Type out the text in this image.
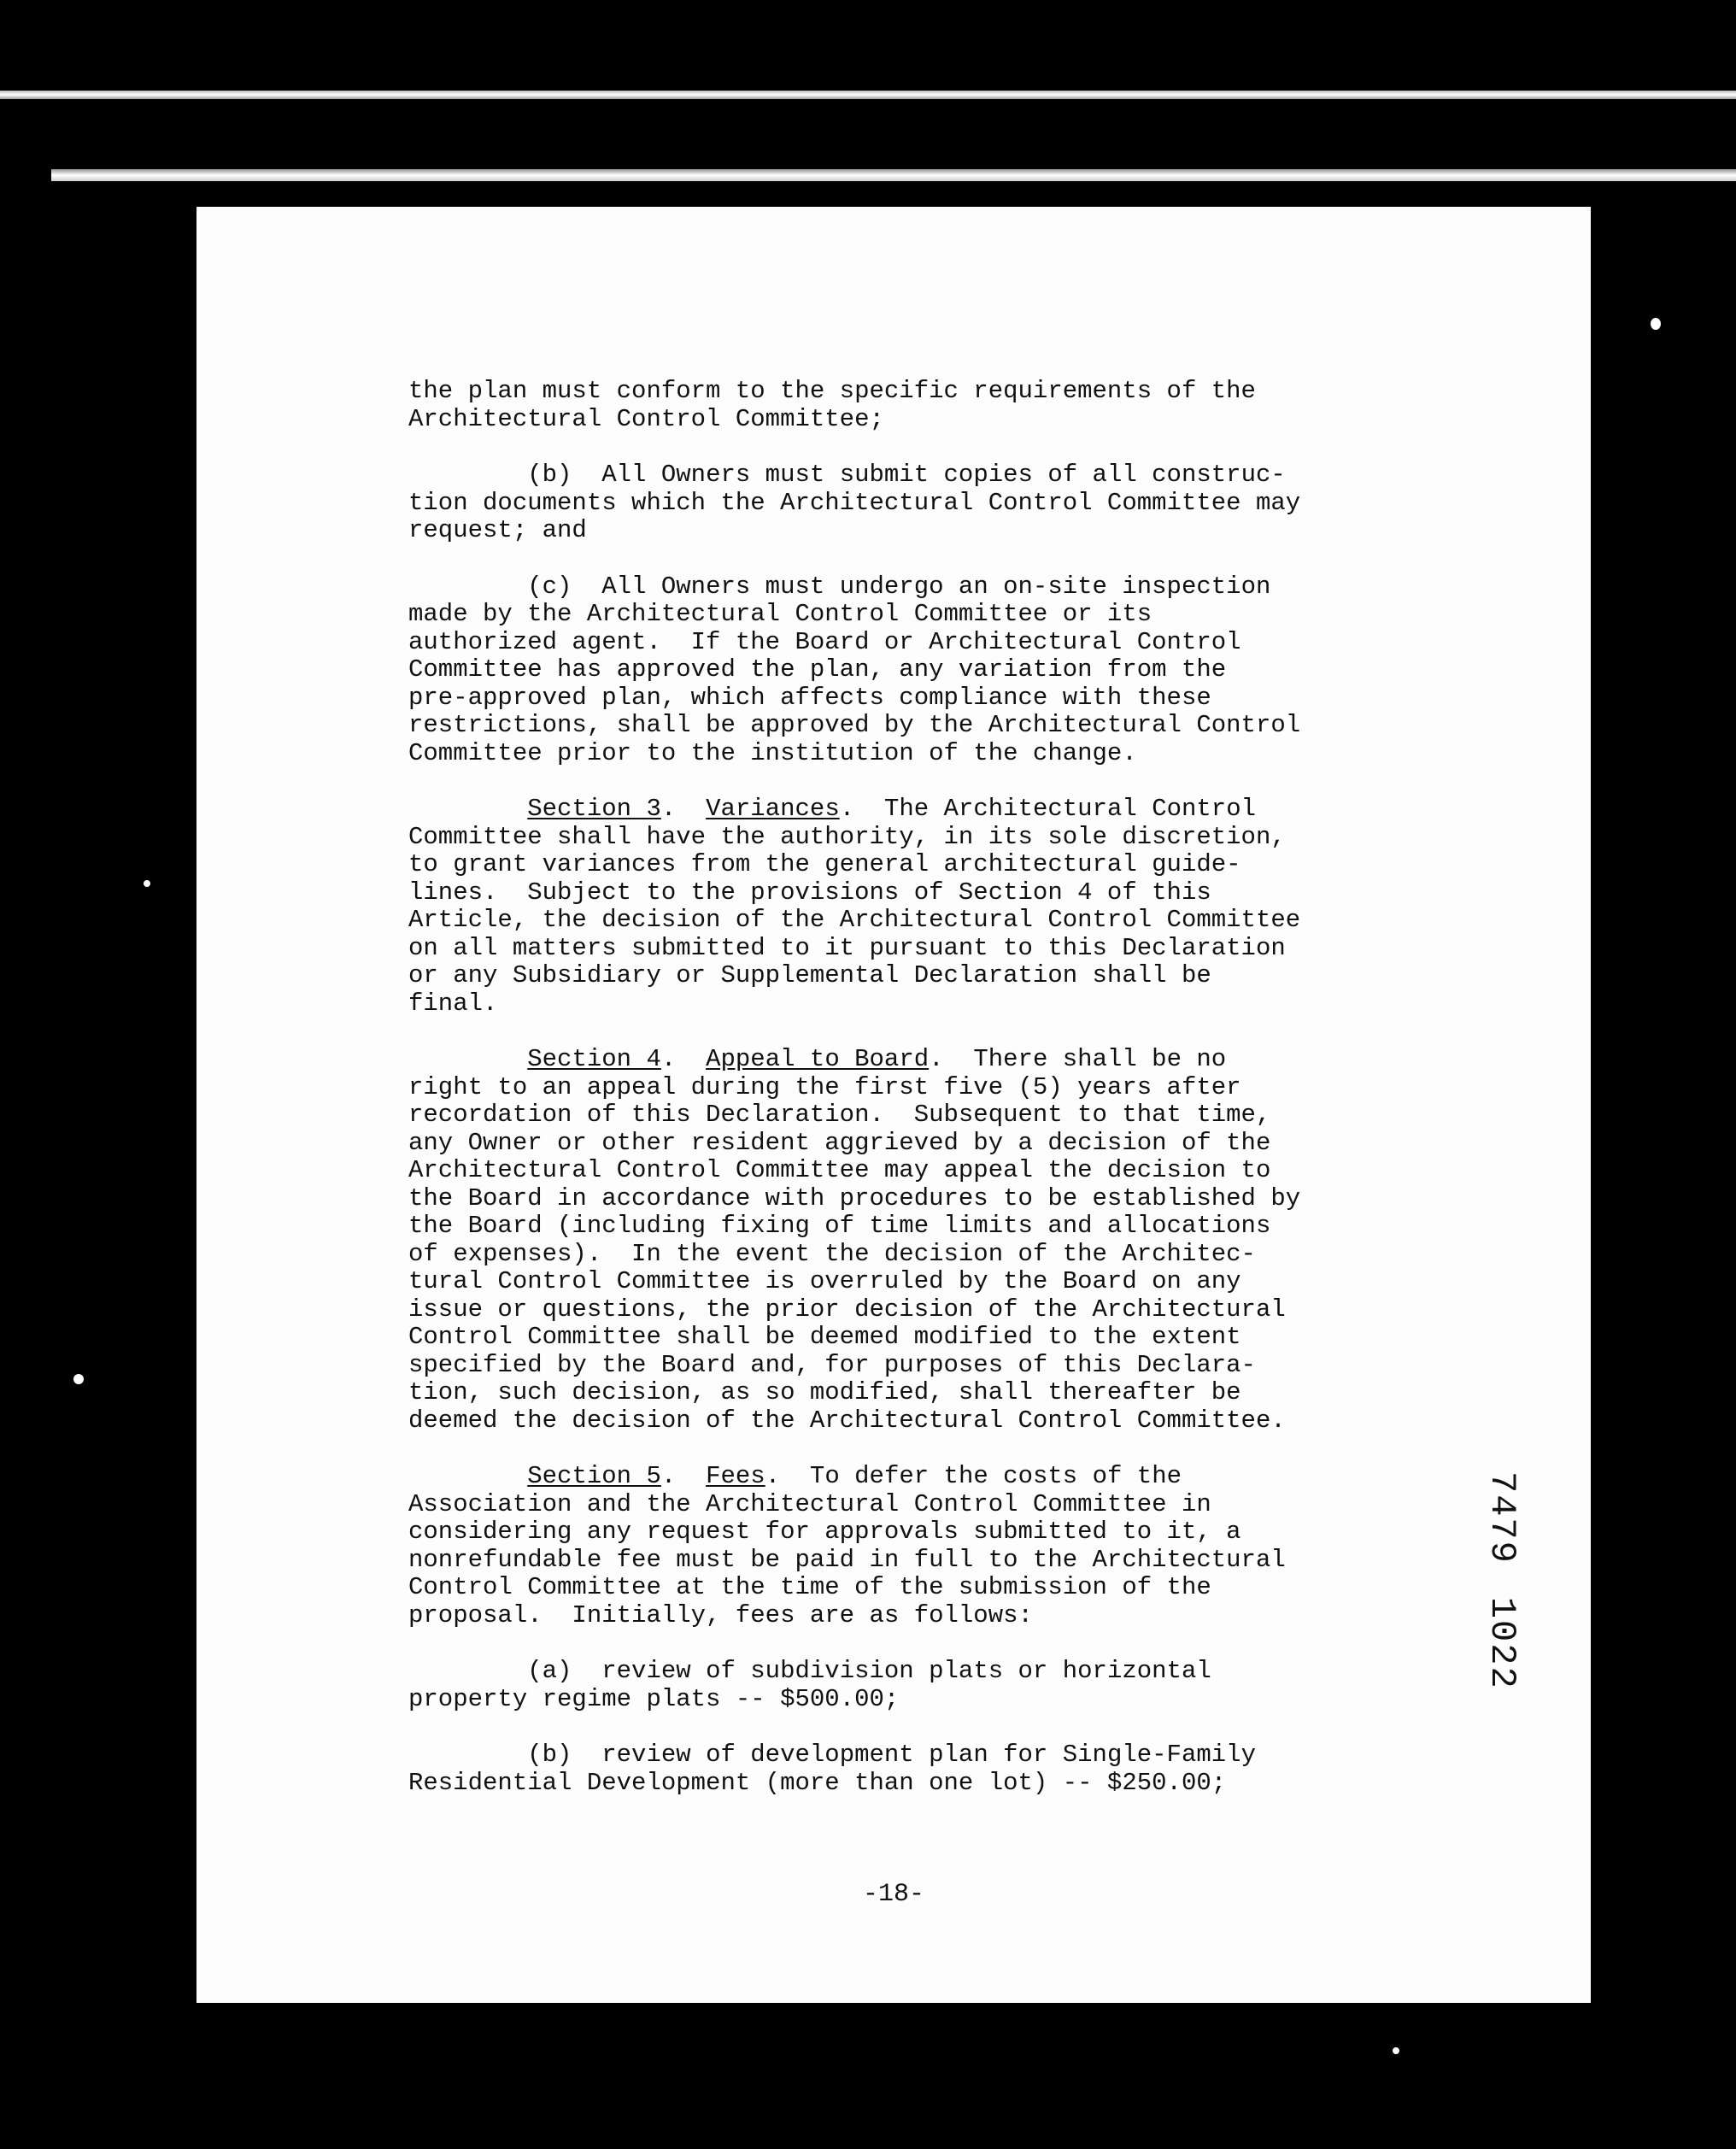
the plan must conform to the specific requirements of the
Architectural Control Committee;

(b)  All Owners must submit copies of all construc-
tion documents which the Architectural Control Committee may
request; and

(c)  All Owners must undergo an on-site inspection
made by the Architectural Control Committee or its
authorized agent.  If the Board or Architectural Control
Committee has approved the plan, any variation from the
pre-approved plan, which affects compliance with these
restrictions, shall be approved by the Architectural Control
Committee prior to the institution of the change.

Section 3.  Variances.  The Architectural Control
Committee shall have the authority, in its sole discretion,
to grant variances from the general architectural guide-
lines.  Subject to the provisions of Section 4 of this
Article, the decision of the Architectural Control Committee
on all matters submitted to it pursuant to this Declaration
or any Subsidiary or Supplemental Declaration shall be
final.

Section 4.  Appeal to Board.  There shall be no
right to an appeal during the first five (5) years after
recordation of this Declaration.  Subsequent to that time,
any Owner or other resident aggrieved by a decision of the
Architectural Control Committee may appeal the decision to
the Board in accordance with procedures to be established by
the Board (including fixing of time limits and allocations
of expenses).  In the event the decision of the Architec-
tural Control Committee is overruled by the Board on any
issue or questions, the prior decision of the Architectural
Control Committee shall be deemed modified to the extent
specified by the Board and, for purposes of this Declara-
tion, such decision, as so modified, shall thereafter be
deemed the decision of the Architectural Control Committee.

Section 5.  Fees.  To defer the costs of the
Association and the Architectural Control Committee in
considering any request for approvals submitted to it, a
nonrefundable fee must be paid in full to the Architectural
Control Committee at the time of the submission of the
proposal.  Initially, fees are as follows:

(a)  review of subdivision plats or horizontal
property regime plats -- $500.00;

(b)  review of development plan for Single-Family
Residential Development (more than one lot) -- $250.00;

-18-
74791022
